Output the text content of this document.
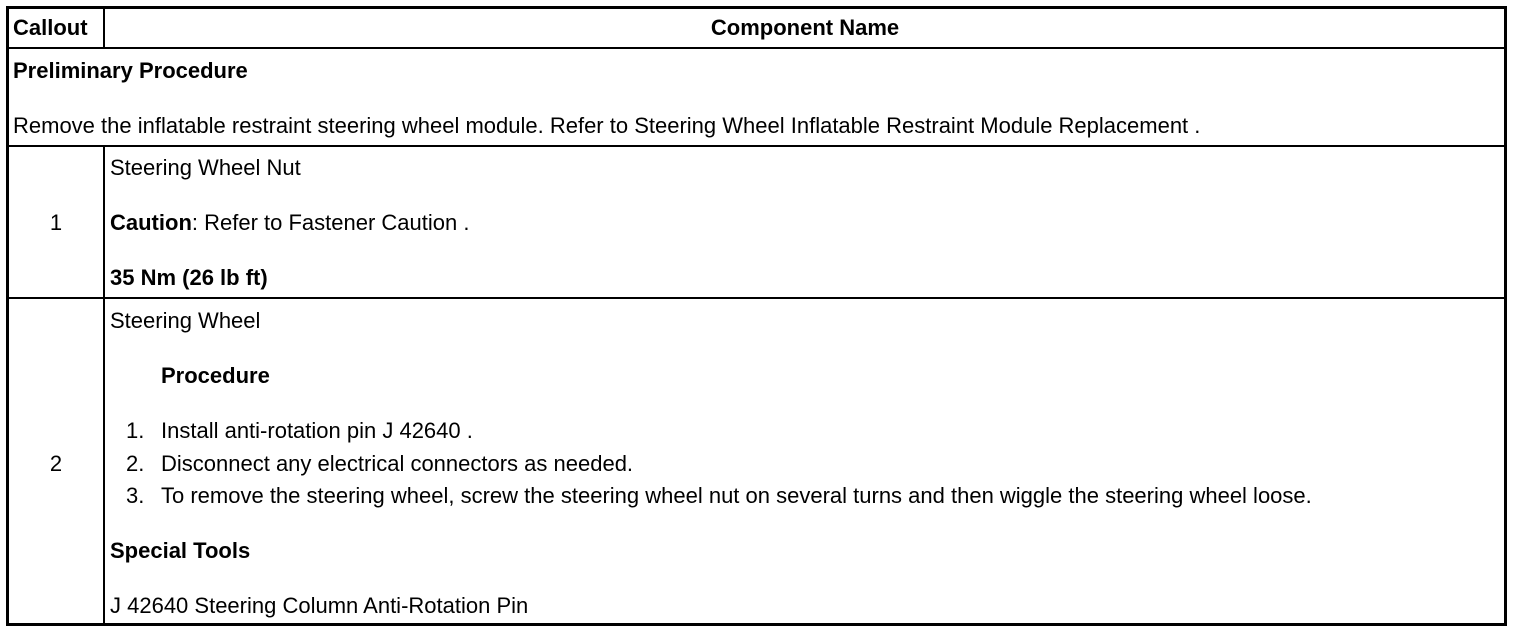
Callout	Component Name
Preliminary Procedure
Remove the inflatable restraint steering wheel module. Refer to Steering Wheel Inflatable Restraint Module Replacement .
1
Steering Wheel Nut
Caution: Refer to Fastener Caution .
35 Nm (26 lb ft)
2
Steering Wheel
Procedure
1. Install anti-rotation pin J 42640 .
2. Disconnect any electrical connectors as needed.
3. To remove the steering wheel, screw the steering wheel nut on several turns and then wiggle the steering wheel loose.
Special Tools
J 42640 Steering Column Anti-Rotation Pin
